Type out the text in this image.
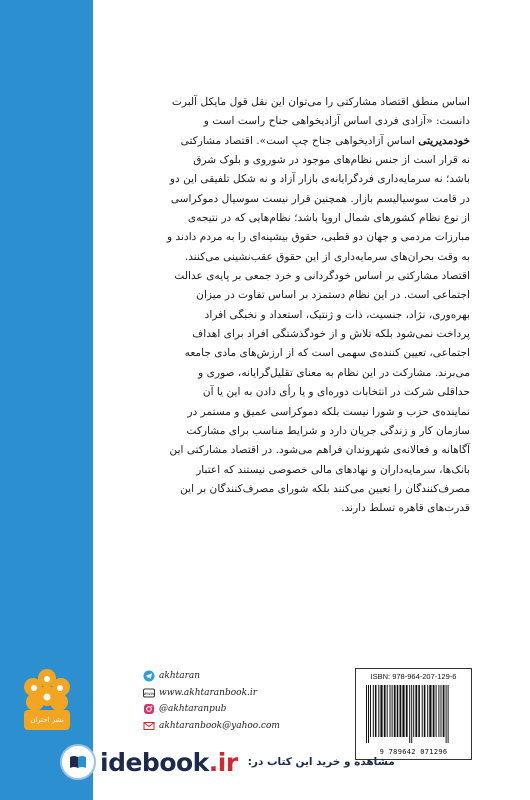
اساس منطق اقتصاد مشارکتی را می‌توان این نقل قول مایکل آلبرت

دانست: «آزادی فردی اساس آزادیخواهی جناح راست است و

خودمدیریتی اساس آزادیخواهی جناح چپ است». اقتصاد مشارکتی

نه قرار است از جنس نظام‌های موجود در شوروی و بلوک شرق

باشد؛ نه سرمایه‌داری فردگرایانه‌ی بازار آزاد و نه شکل تلفیقی این دو

در قامت سوسیالیسم بازار. همچنین قرار نیست سوسیال دموکراسی

از نوع نظام کشورهای شمال اروپا باشد؛ نظام‌هایی که در نتیجه‌ی

مبارزات مردمی و جهان دو قطبی، حقوق بیشینه‌ای را به مردم دادند و

به وقت بحران‌های سرمایه‌داری از این حقوق عقب‌نشینی می‌کنند.

اقتصاد مشارکتی بر اساس خودگردانی و خرد جمعی بر پایه‌ی عدالت

اجتماعی است. در این نظام دستمزد بر اساس تفاوت در میزان

بهره‌وری، نژاد، جنسیت، ذات و ژنتیک، استعداد و نخبگی افراد

پرداخت نمی‌شود بلکه تلاش و از خودگذشتگی افراد برای اهداف

اجتماعی، تعیین کننده‌ی سهمی است که از ارزش‌های مادی جامعه

می‌برند. مشارکت در این نظام به معنای تقلیل‌گرایانه، صوری و

حداقلی شرکت در انتخابات دوره‌ای و یا رأی دادن به این یا آن

نماینده‌ی حزب و شورا نیست بلکه دموکراسی عمیق و مستمر در

سازمان کار و زندگی جریان دارد و شرایط مناسب برای مشارکت

آگاهانه و فعالانه‌ی شهروندان فراهم می‌شود. در اقتصاد مشارکتی این

بانک‌ها، سرمایه‌داران و نهادهای مالی خصوصی نیستند که اعتبار

مصرف‌کنندگان را تعیین می‌کنند بلکه شورای مصرف‌کنندگان بر این

قدرت‌های قاهره تسلط دارند.

نشر اختران
akhtaran
www www.akhtaranbook.ir
@akhtaranpub
akhtaranbook@yahoo.com
ISBN: 978-964-207-129-6
9 789642 071296
idebook.ir مشاهده و خرید این کتاب در:
